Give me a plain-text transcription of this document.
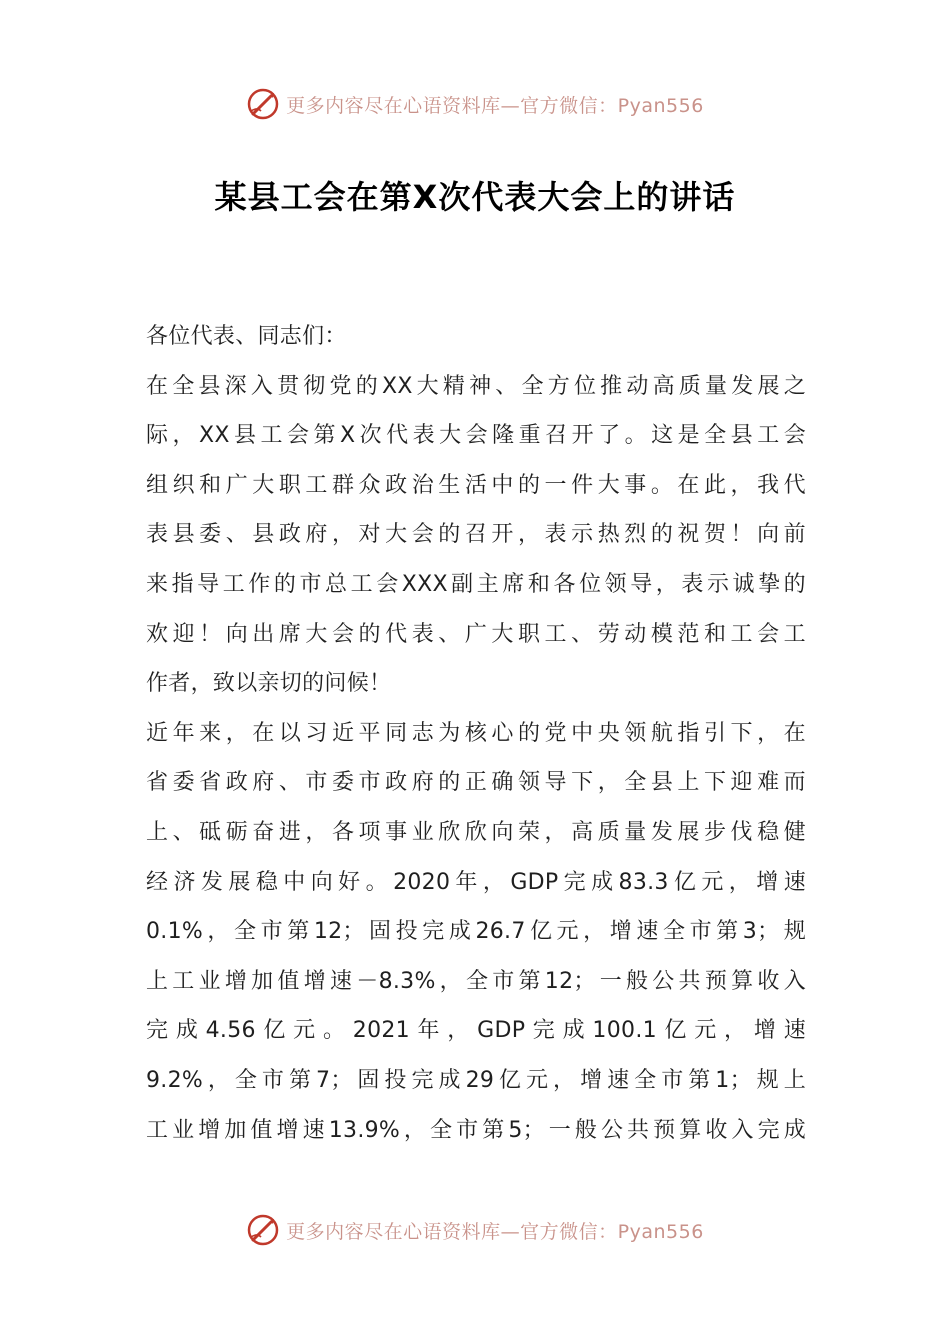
更多内容尽在心语资料库—官方微信：Pyan556
某县工会在第X次代表大会上的讲话
各位代表、同志们：
在全县深入贯彻党的XX大精神、全方位推动高质量发展之
际，XX县工会第X次代表大会隆重召开了。这是全县工会
组织和广大职工群众政治生活中的一件大事。在此，我代
表县委、县政府，对大会的召开，表示热烈的祝贺！向前
来指导工作的市总工会XXX副主席和各位领导，表示诚挚的
欢迎！向出席大会的代表、广大职工、劳动模范和工会工
作者，致以亲切的问候！
近年来，在以习近平同志为核心的党中央领航指引下，在
省委省政府、市委市政府的正确领导下，全县上下迎难而
上、砥砺奋进，各项事业欣欣向荣，高质量发展步伐稳健
经济发展稳中向好。2020年，GDP完成83.3亿元，增速
0.1%，全市第12；固投完成26.7亿元，增速全市第3；规
上工业增加值增速－8.3%，全市第12；一般公共预算收入
完成4.56亿元。2021年，GDP完成100.1亿元，增速
9.2%，全市第7；固投完成29亿元，增速全市第1；规上
工业增加值增速13.9%，全市第5；一般公共预算收入完成
更多内容尽在心语资料库—官方微信：Pyan556
